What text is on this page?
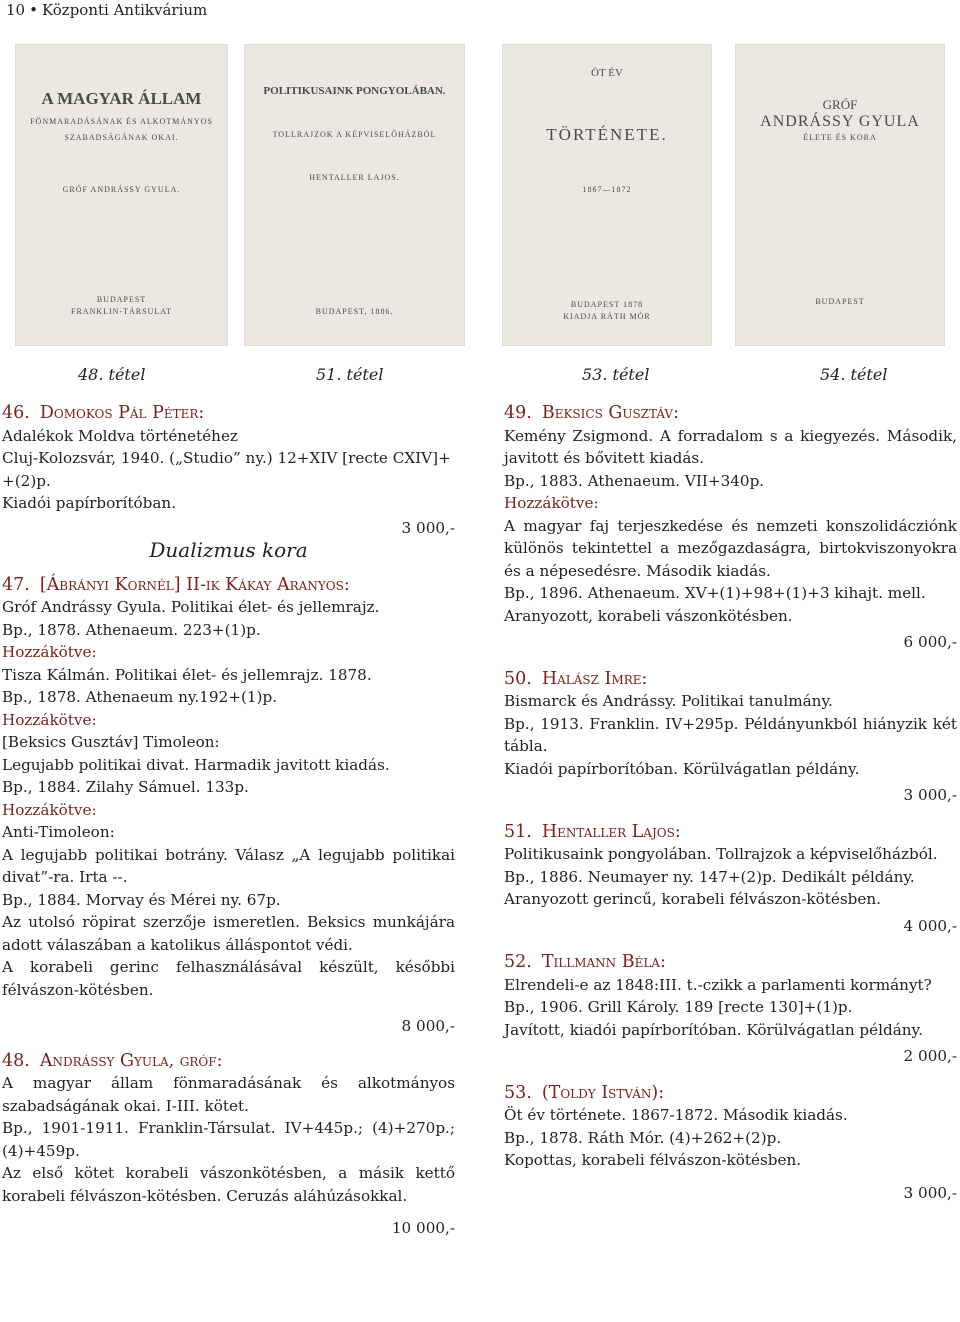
10 • Központi Antikvárium
A MAGYAR ÁLLAM
FÖNMARADÁSÁNAK ÉS ALKOTMÁNYOS
SZABADSÁGÁNAK OKAI.
GRÓF ANDRÁSSY GYULA.
BUDAPEST
FRANKLIN-TÁRSULAT
POLITIKUSAINK PONGYOLÁBAN.
TOLLRAJZOK A KÉPVISELŐHÁZBÓL
HENTALLER LAJOS.
BUDAPEST, 1886.
ÖT ÉV
TÖRTÉNETE.
1867—1872
BUDAPEST 1878
KIADJA RÁTH MÓR
GRÓF
ANDRÁSSY GYULA
ÉLETE ÉS KORA
BUDAPEST
48. tétel	51. tétel	53. tétel	54. tétel

46. Domokos Pál Péter:

Adalékok Moldva történetéhez

Cluj-Kolozsvár, 1940. („Studio” ny.) 12+XIV [recte CXIV]+

+(2)p.

Kiadói papírborítóban.

3 000,-

Dualizmus kora

47. [Ábrányi Kornél] II-ik Kákay Aranyos:

Gróf Andrássy Gyula. Politikai élet- és jellemrajz.

Bp., 1878. Athenaeum. 223+(1)p.

Hozzákötve:

Tisza Kálmán. Politikai élet- és jellemrajz. 1878.

Bp., 1878. Athenaeum ny.192+(1)p.

Hozzákötve:

[Beksics Gusztáv] Timoleon:

Legujabb politikai divat. Harmadik javitott kiadás.

Bp., 1884. Zilahy Sámuel. 133p.

Hozzákötve:

Anti-Timoleon:

A legujabb politikai botrány. Válasz „A legujabb politikai divat”-ra. Irta --.

Bp., 1884. Morvay és Mérei ny. 67p.

Az utolsó röpirat szerzője ismeretlen. Beksics munkájára adott válaszában a katolikus álláspontot védi.

A korabeli gerinc felhasználásával készült, későbbi félvászon-kötésben.

8 000,-

48. Andrássy Gyula, gróf:

A magyar állam fönmaradásának és alkotmányos szabadságának okai. I-III. kötet.

Bp., 1901-1911. Franklin-Társulat. IV+445p.; (4)+270p.; (4)+459p.

Az első kötet korabeli vászonkötésben, a másik kettő korabeli félvászon-kötésben. Ceruzás aláhúzásokkal.

10 000,-

49. Beksics Gusztáv:

Kemény Zsigmond. A forradalom s a kiegyezés. Második, javitott és bővitett kiadás.

Bp., 1883. Athenaeum. VII+340p.

Hozzákötve:

A magyar faj terjeszkedése és nemzeti konszolidácziónk különös tekintettel a mezőgazdaságra, birtokviszonyokra és a népesedésre. Második kiadás.

Bp., 1896. Athenaeum. XV+(1)+98+(1)+3 kihajt. mell.

Aranyozott, korabeli vászonkötésben.

6 000,-

50. Halász Imre:

Bismarck és Andrássy. Politikai tanulmány.

Bp., 1913. Franklin. IV+295p. Példányunkból hiányzik két tábla.

Kiadói papírborítóban. Körülvágatlan példány.

3 000,-

51. Hentaller Lajos:

Politikusaink pongyolában. Tollrajzok a képviselőházból.

Bp., 1886. Neumayer ny. 147+(2)p. Dedikált példány.

Aranyozott gerincű, korabeli félvászon-kötésben.

4 000,-

52. Tillmann Béla:

Elrendeli-e az 1848:III. t.-czikk a parlamenti kormányt?

Bp., 1906. Grill Károly. 189 [recte 130]+(1)p.

Javított, kiadói papírborítóban. Körülvágatlan példány.

2 000,-

53. (Toldy István):

Öt év története. 1867-1872. Második kiadás.

Bp., 1878. Ráth Mór. (4)+262+(2)p.

Kopottas, korabeli félvászon-kötésben.

3 000,-
